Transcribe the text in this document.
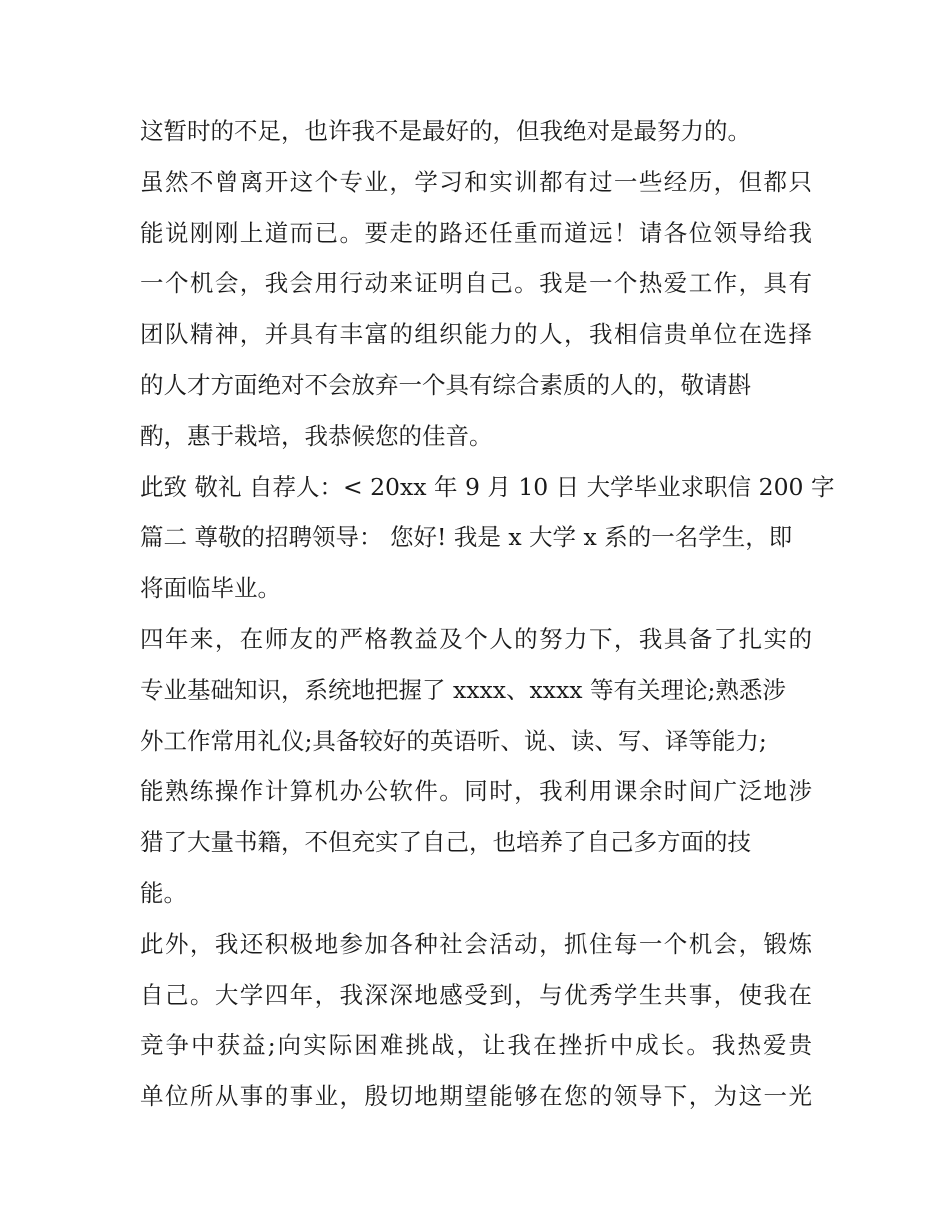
这暂时的不足，也许我不是最好的，但我绝对是最努力的。
虽然不曾离开这个专业，学习和实训都有过一些经历，但都只
能说刚刚上道而已。要走的路还任重而道远！请各位领导给我
一个机会，我会用行动来证明自己。我是一个热爱工作，具有
团队精神，并具有丰富的组织能力的人，我相信贵单位在选择
的人才方面绝对不会放弃一个具有综合素质的人的，敬请斟
酌，惠于栽培，我恭候您的佳音。
此致 敬礼 自荐人：< 20xx 年 9 月 10 日 大学毕业求职信 200 字
篇二 尊敬的招聘领导： 您好! 我是 x 大学 x 系的一名学生，即
将面临毕业。
四年来，在师友的严格教益及个人的努力下，我具备了扎实的
专业基础知识，系统地把握了 xxxx、xxxx 等有关理论;熟悉涉
外工作常用礼仪;具备较好的英语听、说、读、写、译等能力;
能熟练操作计算机办公软件。同时，我利用课余时间广泛地涉
猎了大量书籍，不但充实了自己，也培养了自己多方面的技
能。
此外，我还积极地参加各种社会活动，抓住每一个机会，锻炼
自己。大学四年，我深深地感受到，与优秀学生共事，使我在
竞争中获益;向实际困难挑战，让我在挫折中成长。我热爱贵
单位所从事的事业，殷切地期望能够在您的领导下，为这一光
